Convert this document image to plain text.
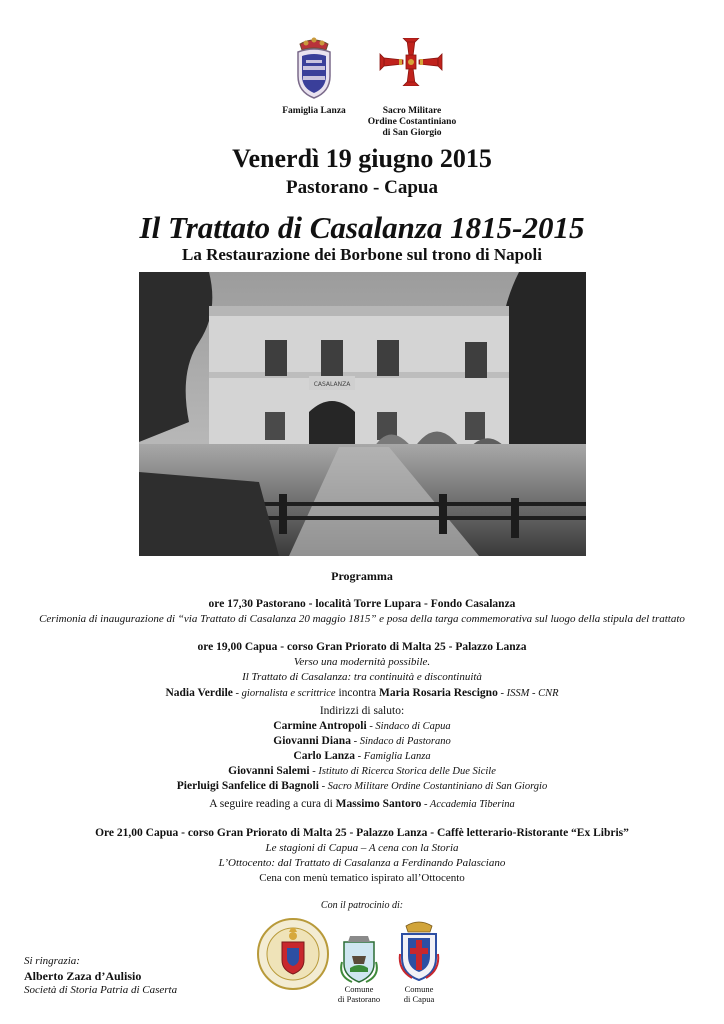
Famiglia Lanza	Sacro Militare
Ordine Costantiniano
di San Giorgio
Venerdì 19 giugno 2015
Pastorano - Capua
Il Trattato di Casalanza 1815-2015
La Restaurazione dei Borbone sul trono di Napoli
CASALANZA
Programma
ore 17,30 Pastorano - località Torre Lupara - Fondo Casalanza
Cerimonia di inaugurazione di “via Trattato di Casalanza 20 maggio 1815” e posa della targa commemorativa sul luogo della stipula del trattato
ore 19,00 Capua - corso Gran Priorato di Malta 25 - Palazzo Lanza
Verso una modernità possibile.
Il Trattato di Casalanza: tra continuità e discontinuità
Nadia Verdile - giornalista e scrittrice incontra Maria Rosaria Rescigno - ISSM - CNR
Indirizzi di saluto:
Carmine Antropoli - Sindaco di Capua
Giovanni Diana - Sindaco di Pastorano
Carlo Lanza - Famiglia Lanza
Giovanni Salemi - Istituto di Ricerca Storica delle Due Sicile
Pierluigi Sanfelice di Bagnoli - Sacro Militare Ordine Costantiniano di San Giorgio
A seguire reading a cura di Massimo Santoro - Accademia Tiberina
Ore 21,00 Capua - corso Gran Priorato di Malta 25 - Palazzo Lanza - Caffè letterario-Ristorante “Ex Libris”
Le stagioni di Capua – A cena con la Storia
L’Ottocento: dal Trattato di Casalanza a Ferdinando Palasciano
Cena con menù tematico ispirato all’Ottocento
Con il patrocinio di:
Comune
di Pastorano
Comune
di Capua
Si ringrazia:
Alberto Zaza d’Aulisio
Società di Storia Patria di Caserta
